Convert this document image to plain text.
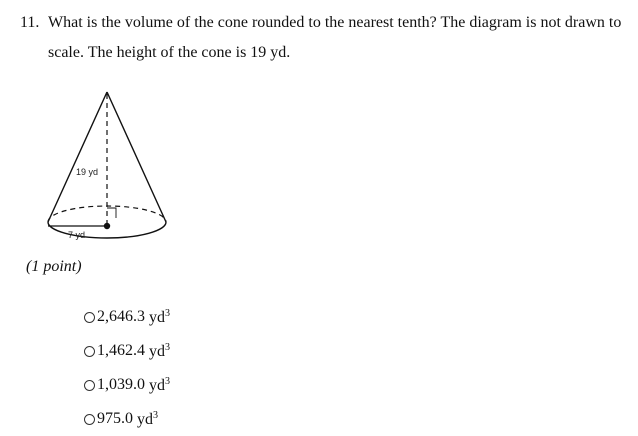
11. What is the volume of the cone rounded to the nearest tenth? The diagram is not drawn to
scale. The height of the cone is 19 yd.
19 yd
7 yd
(1 point)
2,646.3
$yd^3$
1,462.4
$yd^3$
1,039.0
$yd^3$
975.0
$yd^3$
